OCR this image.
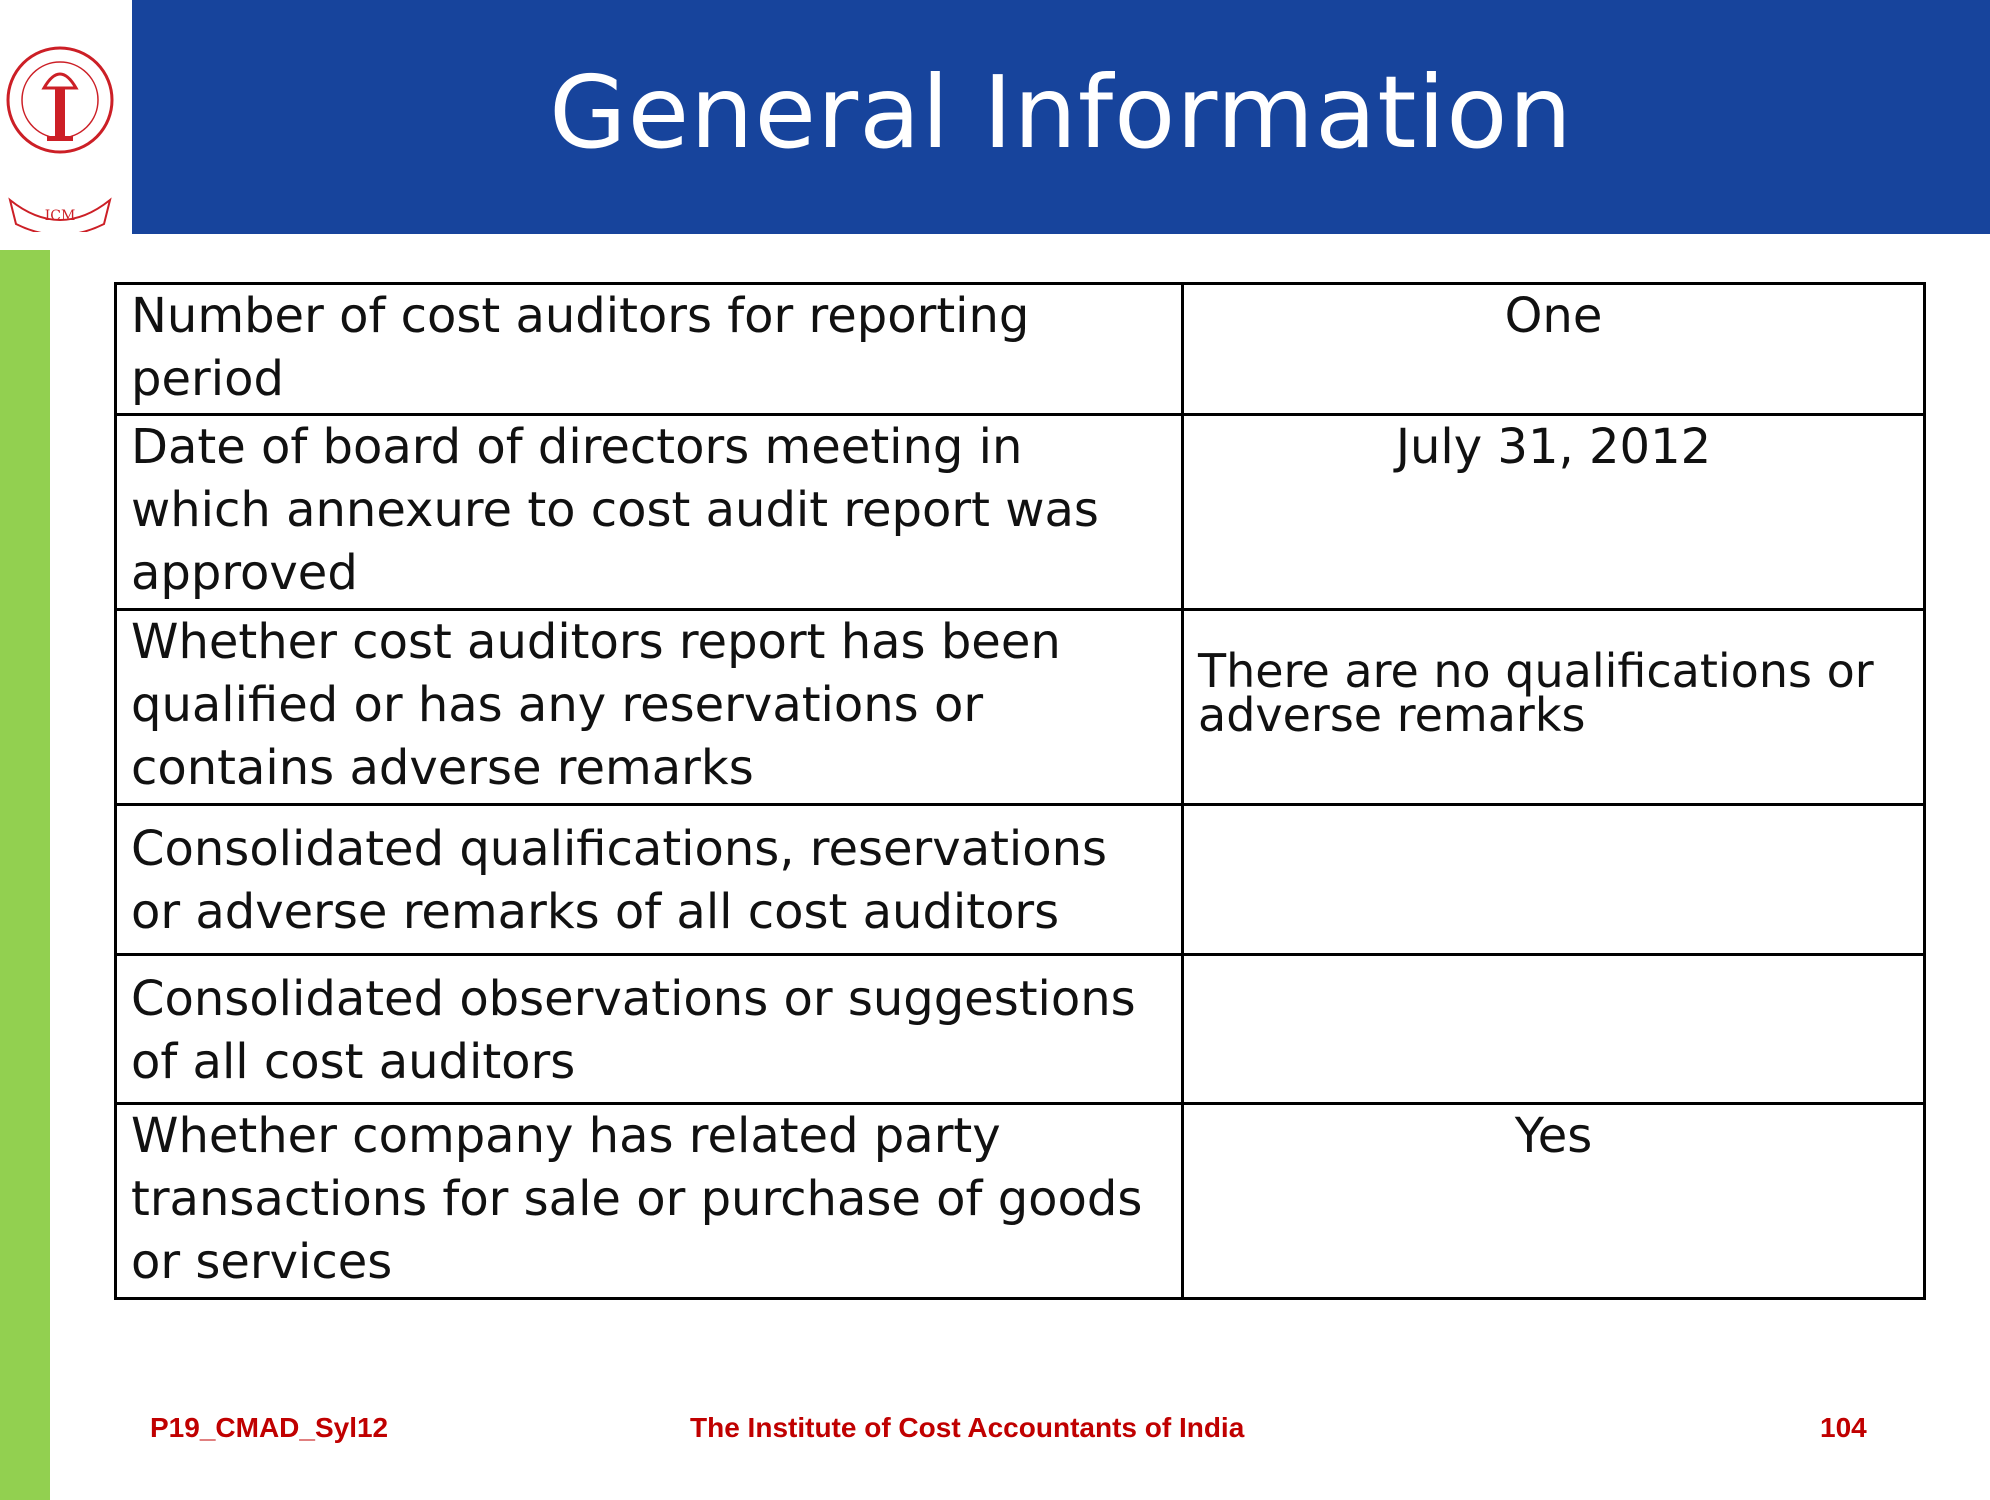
ICM
General Information
Number of cost auditors for reporting period	One
Date of board of directors meeting in which annexure to cost audit report was approved	July 31, 2012
Whether cost auditors report has been qualified or has any reservations or contains adverse remarks	There are no qualifications or adverse remarks
Consolidated qualifications, reservations or adverse remarks of all cost auditors	
Consolidated observations or suggestions of all cost auditors	
Whether company has related party transactions for sale or purchase of goods or services	Yes
P19_CMAD_Syl12	The Institute of Cost Accountants of India	104
